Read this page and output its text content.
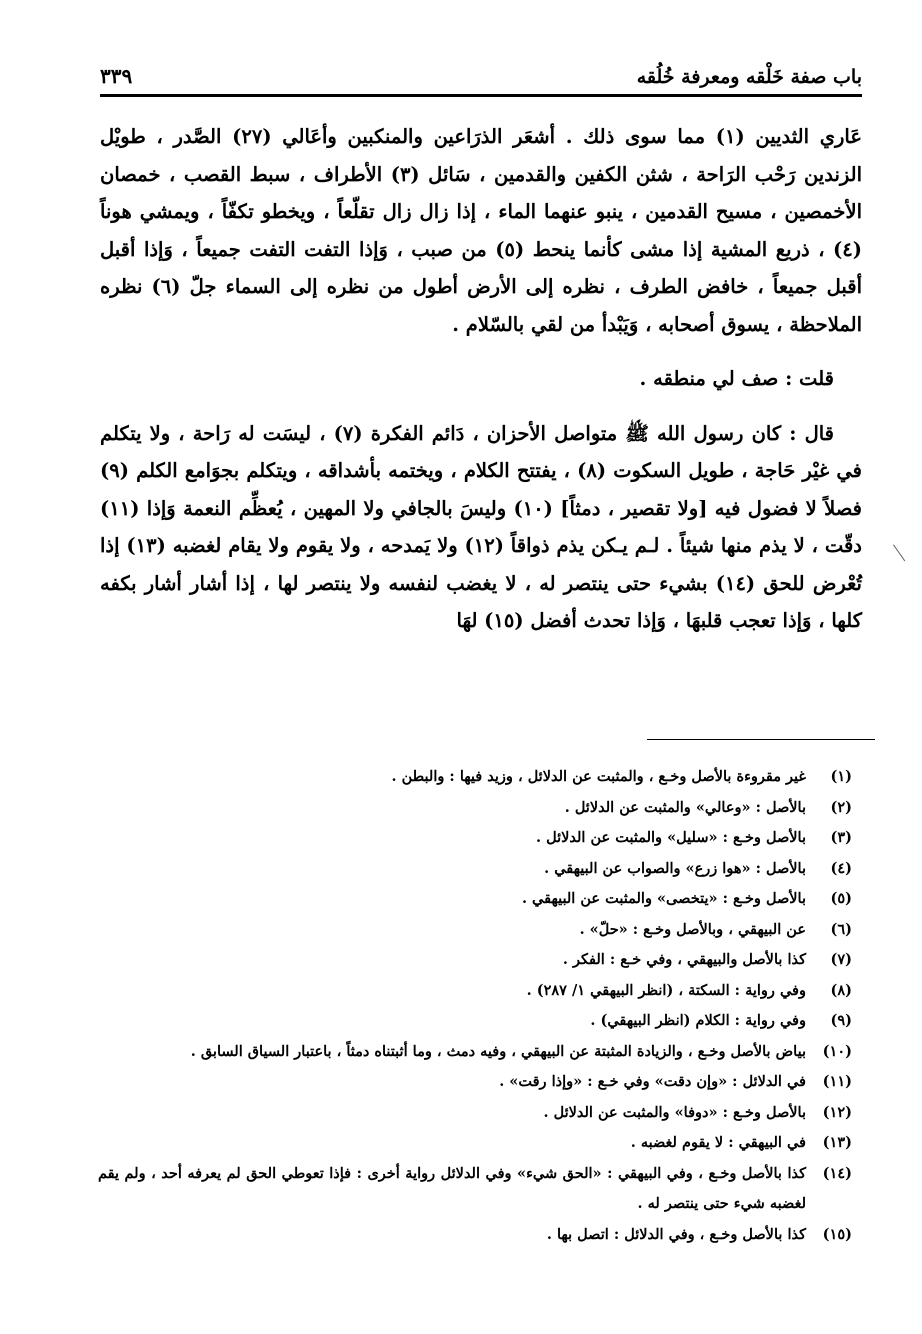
باب صفة خَلْقه ومعرفة خُلُقه
٣٣٩

عَاري الثديين (١) مما سوى ذلك . أشعَر الذرَاعين والمنكبين وأعَالي (٢٧) الصَّدر ، طويْل الزندين رَحْب الرَاحة ، شثن الكفين والقدمين ، سَائل (٣) الأطراف ، سبط القصب ، خمصان الأخمصين ، مسيح القدمين ، ينبو عنهما الماء ، إذا زال زال تقلّعاً ، ويخطو تكفّاً ، ويمشي هوناً (٤) ، ذريع المشية إذا مشى كأنما ينحط (٥) من صبب ، وَإذا التفت التفت جميعاً ، وَإذا أقبل أقبل جميعاً ، خافض الطرف ، نظره إلى الأرض أطول من نظره إلى السماء جلّ (٦) نظره الملاحظة ، يسوق أصحابه ، وَيَبْدأ من لقي بالسّلام .

قلت : صف لي منطقه .

قال : كان رسول الله ﷺ متواصل الأحزان ، دَائم الفكرة (٧) ، ليسَت له رَاحة ، ولا يتكلم في غيْر حَاجة ، طويل السكوت (٨) ، يفتتح الكلام ، ويختمه بأشداقه ، ويتكلم بجوَامع الكلم (٩) فصلاً لا فضول فيه [ولا تقصير ، دمثاً] (١٠) وليسَ بالجافي ولا المهين ، يُعظِّم النعمة وَإذا (١١) دقّت ، لا يذم منها شيئاً . لـم يـكن يذم ذواقاً (١٢) ولا يَمدحه ، ولا يقوم ولا يقام لغضبه (١٣) إذا تُعْرض للحق (١٤) بشيء حتى ينتصر له ، لا يغضب لنفسه ولا ينتصر لها ، إذا أشار أشار بكفه كلها ، وَإذا تعجب قلبهَا ، وَإذا تحدث أفضل (١٥) لهَا

(١)
غير مقروءة بالأصل وخـع ، والمثبت عن الدلائل ، وزيد فيها : والبطن .
(٢)
بالأصل : «وعالي» والمثبت عن الدلائل .
(٣)
بالأصل وخـع : «سليل» والمثبت عن الدلائل .
(٤)
بالأصل : «هوا زرع» والصواب عن البيهقي .
(٥)
بالأصل وخـع : «يتخصى» والمثبت عن البيهقي .
(٦)
عن البيهقي ، وبالأصل وخـع : «حلّ» .
(٧)
كذا بالأصل والبيهقي ، وفي خـع : الفكر .
(٨)
وفي رواية : السكتة ، (انظر البيهقي ١/ ٢٨٧) .
(٩)
وفي رواية : الكلام (انظر البيهقي) .
(١٠)
بياض بالأصل وخـع ، والزيادة المثبتة عن البيهقي ، وفيه دمث ، وما أثبتناه دمثاً ، باعتبار السياق السابق .
(١١)
في الدلائل : «وإن دقت» وفي خـع : «وإذا رقت» .
(١٢)
بالأصل وخـع : «دوفا» والمثبت عن الدلائل .
(١٣)
في البيهقي : لا يقوم لغضبه .
(١٤)
كذا بالأصل وخـع ، وفي البيهقي : «الحق شيء» وفي الدلائل رواية أخرى : فإذا تعوطي الحق لم يعرفه أحد ، ولم يقم لغضبه شيء حتى ينتصر له .
(١٥)
كذا بالأصل وخـع ، وفي الدلائل : اتصل بها .
